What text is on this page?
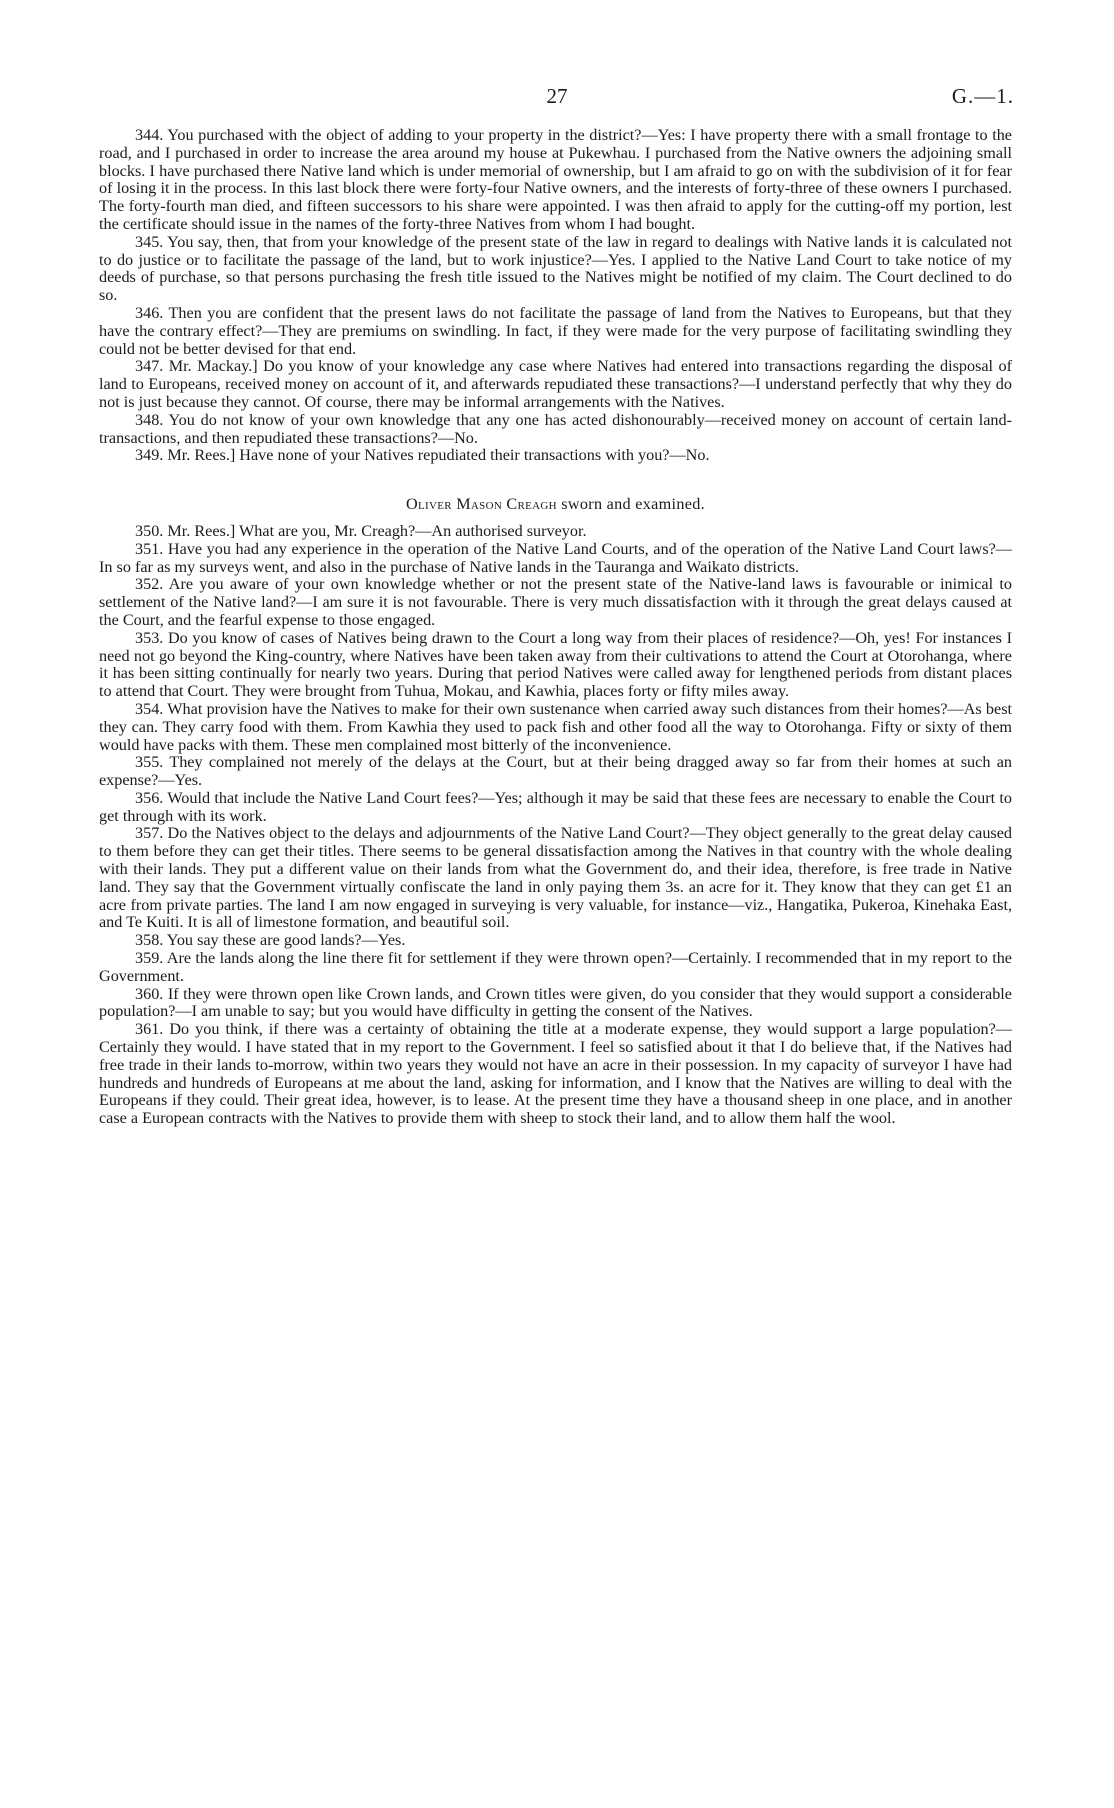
27	G.—1.

344. You purchased with the object of adding to your property in the district?—Yes: I have property there with a small frontage to the road, and I purchased in order to increase the area around my house at Pukewhau. I purchased from the Native owners the adjoining small blocks. I have purchased there Native land which is under memorial of ownership, but I am afraid to go on with the subdivision of it for fear of losing it in the process. In this last block there were forty-four Native owners, and the interests of forty-three of these owners I purchased. The forty-fourth man died, and fifteen successors to his share were appointed. I was then afraid to apply for the cutting-off my portion, lest the certificate should issue in the names of the forty-three Natives from whom I had bought.

345. You say, then, that from your knowledge of the present state of the law in regard to dealings with Native lands it is calculated not to do justice or to facilitate the passage of the land, but to work injustice?—Yes. I applied to the Native Land Court to take notice of my deeds of purchase, so that persons purchasing the fresh title issued to the Natives might be notified of my claim. The Court declined to do so.

346. Then you are confident that the present laws do not facilitate the passage of land from the Natives to Europeans, but that they have the contrary effect?—They are premiums on swindling. In fact, if they were made for the very purpose of facilitating swindling they could not be better devised for that end.

347. Mr. Mackay.] Do you know of your knowledge any case where Natives had entered into transactions regarding the disposal of land to Europeans, received money on account of it, and afterwards repudiated these transactions?—I understand perfectly that why they do not is just because they cannot. Of course, there may be informal arrangements with the Natives.

348. You do not know of your own knowledge that any one has acted dishonourably—received money on account of certain land-transactions, and then repudiated these transactions?—No.

349. Mr. Rees.] Have none of your Natives repudiated their transactions with you?—No.

Oliver Mason Creagh sworn and examined.

350. Mr. Rees.] What are you, Mr. Creagh?—An authorised surveyor.

351. Have you had any experience in the operation of the Native Land Courts, and of the operation of the Native Land Court laws?—In so far as my surveys went, and also in the purchase of Native lands in the Tauranga and Waikato districts.

352. Are you aware of your own knowledge whether or not the present state of the Native-land laws is favourable or inimical to settlement of the Native land?—I am sure it is not favourable. There is very much dissatisfaction with it through the great delays caused at the Court, and the fearful expense to those engaged.

353. Do you know of cases of Natives being drawn to the Court a long way from their places of residence?—Oh, yes! For instances I need not go beyond the King-country, where Natives have been taken away from their cultivations to attend the Court at Otorohanga, where it has been sitting continually for nearly two years. During that period Natives were called away for lengthened periods from distant places to attend that Court. They were brought from Tuhua, Mokau, and Kawhia, places forty or fifty miles away.

354. What provision have the Natives to make for their own sustenance when carried away such distances from their homes?—As best they can. They carry food with them. From Kawhia they used to pack fish and other food all the way to Otorohanga. Fifty or sixty of them would have packs with them. These men complained most bitterly of the inconvenience.

355. They complained not merely of the delays at the Court, but at their being dragged away so far from their homes at such an expense?—Yes.

356. Would that include the Native Land Court fees?—Yes; although it may be said that these fees are necessary to enable the Court to get through with its work.

357. Do the Natives object to the delays and adjournments of the Native Land Court?—They object generally to the great delay caused to them before they can get their titles. There seems to be general dissatisfaction among the Natives in that country with the whole dealing with their lands. They put a different value on their lands from what the Government do, and their idea, therefore, is free trade in Native land. They say that the Government virtually confiscate the land in only paying them 3s. an acre for it. They know that they can get £1 an acre from private parties. The land I am now engaged in surveying is very valuable, for instance—viz., Hangatika, Pukeroa, Kinehaka East, and Te Kuiti. It is all of limestone formation, and beautiful soil.

358. You say these are good lands?—Yes.

359. Are the lands along the line there fit for settlement if they were thrown open?—Certainly. I recommended that in my report to the Government.

360. If they were thrown open like Crown lands, and Crown titles were given, do you consider that they would support a considerable population?—I am unable to say; but you would have difficulty in getting the consent of the Natives.

361. Do you think, if there was a certainty of obtaining the title at a moderate expense, they would support a large population?—Certainly they would. I have stated that in my report to the Government. I feel so satisfied about it that I do believe that, if the Natives had free trade in their lands to-morrow, within two years they would not have an acre in their possession. In my capacity of surveyor I have had hundreds and hundreds of Europeans at me about the land, asking for information, and I know that the Natives are willing to deal with the Europeans if they could. Their great idea, however, is to lease. At the present time they have a thousand sheep in one place, and in another case a European contracts with the Natives to provide them with sheep to stock their land, and to allow them half the wool.
